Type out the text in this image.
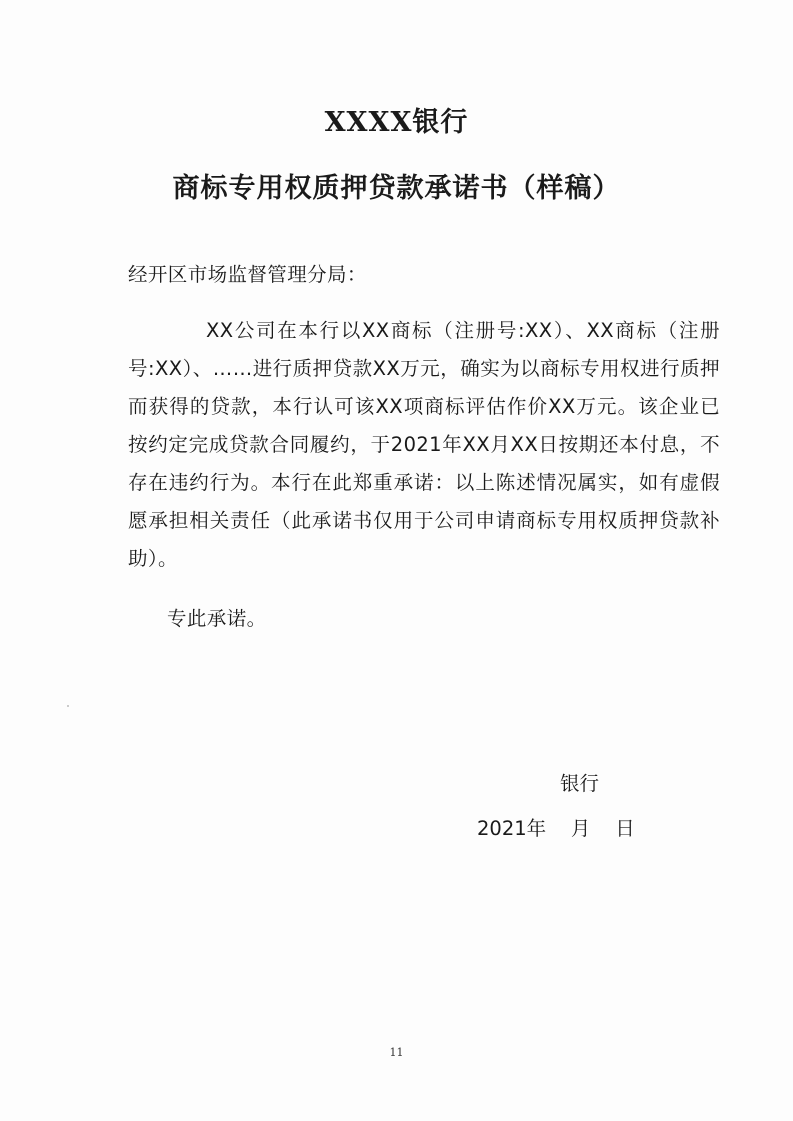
XXXX银行
商标专用权质押贷款承诺书（样稿）
经开区市场监督管理分局：
XX公司在本行以XX商标（注册号:XX）、XX商标（注册号:XX）、……进行质押贷款XX万元，确实为以商标专用权进行质押而获得的贷款，本行认可该XX项商标评估作价XX万元。该企业已按约定完成贷款合同履约，于2021年XX月XX日按期还本付息，不存在违约行为。本行在此郑重承诺：以上陈述情况属实，如有虚假愿承担相关责任（此承诺书仅用于公司申请商标专用权质押贷款补助）。
专此承诺。
银行
2021年    月    日
11
